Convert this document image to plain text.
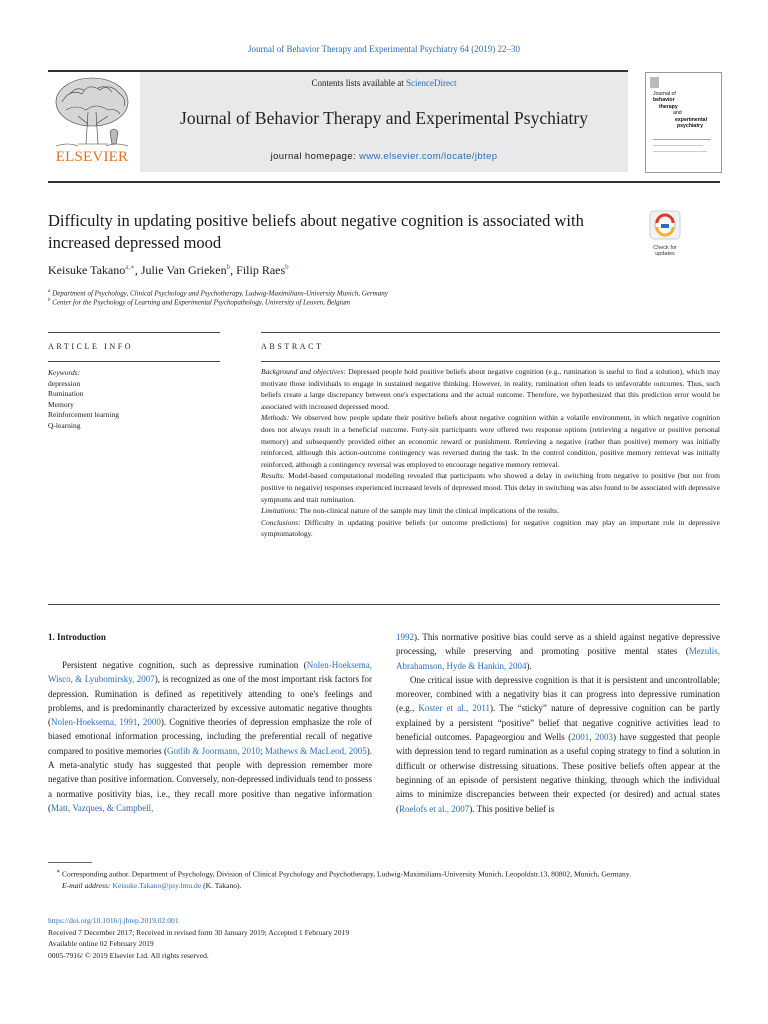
Journal of Behavior Therapy and Experimental Psychiatry 64 (2019) 22–30
ELSEVIER
Contents lists available at ScienceDirect
Journal of Behavior Therapy and Experimental Psychiatry
journal homepage: www.elsevier.com/locate/jbtep
Journal of
behavior
therapy
and
experimental
psychiatry
Difficulty in updating positive beliefs about negative cognition is associated with increased depressed mood	Check for updates
Keisuke Takano$^{a,∗}$, Julie Van Grieken$^b$, Filip Raes$^b$
$^a$ Department of Psychology, Clinical Psychology and Psychotherapy, Ludwig-Maximilians-University Munich, Germany
$^b$ Center for the Psychology of Learning and Experimental Psychopathology, University of Leuven, Belgium
ARTICLE INFO	ABSTRACT
Keywords:
depression
Rumination
Memory
Reinforcement learning
Q-learning

Background and objectives: Depressed people hold positive beliefs about negative cognition (e.g., rumination is useful to find a solution), which may motivate those individuals to engage in sustained negative thinking. However, in reality, rumination often leads to unfavorable outcomes. Thus, such beliefs create a large discrepancy between one's expectations and the actual outcome. Therefore, we hypothesized that this prediction error would be associated with increased depressed mood.

Methods: We observed how people update their positive beliefs about negative cognition within a volatile environment, in which negative cognition does not always result in a beneficial outcome. Forty-six participants were offered two response options (retrieving a negative or positive personal memory) and subsequently provided either an economic reward or punishment. Retrieving a negative (rather than positive) memory was initially reinforced, although this action-outcome contingency was reversed during the task. In the control condition, positive memory retrieval was initially reinforced, although a contingency reversal was employed to encourage negative memory retrieval.

Results: Model-based computational modeling revealed that participants who showed a delay in switching from negative to positive (but not from positive to negative) responses experienced increased levels of depressed mood. This delay in switching was also found to be associated with depressive symptoms and trait rumination.

Limitations: The non-clinical nature of the sample may limit the clinical implications of the results.

Conclusions: Difficulty in updating positive beliefs (or outcome predictions) for negative cognition may play an important role in depressive symptomatology.

1. Introduction

Persistent negative cognition, such as depressive rumination (Nolen-Hoeksema, Wisco, & Lyubomirsky, 2007), is recognized as one of the most important risk factors for depression. Rumination is defined as repetitively attending to one's feelings and problems, and is predominantly characterized by excessive automatic negative thoughts (Nolen-Hoeksema, 1991, 2000). Cognitive theories of depression emphasize the role of biased emotional information processing, including the preferential recall of negative compared to positive memories (Gotlib & Joormann, 2010; Mathews & MacLeod, 2005). A meta-analytic study has suggested that people with depression remember more negative than positive information. Conversely, non-depressed individuals tend to possess a normative positivity bias, i.e., they recall more positive than negative information (Matt, Vazques, & Campbell,

1992). This normative positive bias could serve as a shield against negative depressive processing, while preserving and promoting positive mental states (Mezulis, Abrahamson, Hyde & Hankin, 2004).

One critical issue with depressive cognition is that it is persistent and uncontrollable; moreover, combined with a negativity bias it can progress into depressive rumination (e.g., Koster et al., 2011). The “sticky” nature of depressive cognition can be partly explained by a persistent “positive” belief that negative cognitive activities lead to beneficial outcomes. Papageorgiou and Wells (2001, 2003) have suggested that people with depression tend to regard rumination as a useful coping strategy to find a solution in difficult or otherwise distressing situations. These positive beliefs often appear at the beginning of an episode of persistent negative thinking, through which the individual aims to minimize discrepancies between their expected (or desired) and actual states (Roelofs et al., 2007). This positive belief is

∗ Corresponding author. Department of Psychology, Division of Clinical Psychology and Psychotherapy, Ludwig-Maximilians-University Munich, Leopoldstr.13, 80802, Munich, Germany.
E-mail address: Keisuke.Takano@psy.lmu.de (K. Takano).
https://doi.org/10.1016/j.jbtep.2019.02.001
Received 7 December 2017; Received in revised form 30 January 2019; Accepted 1 February 2019
Available online 02 February 2019
0005-7916/ © 2019 Elsevier Ltd. All rights reserved.
